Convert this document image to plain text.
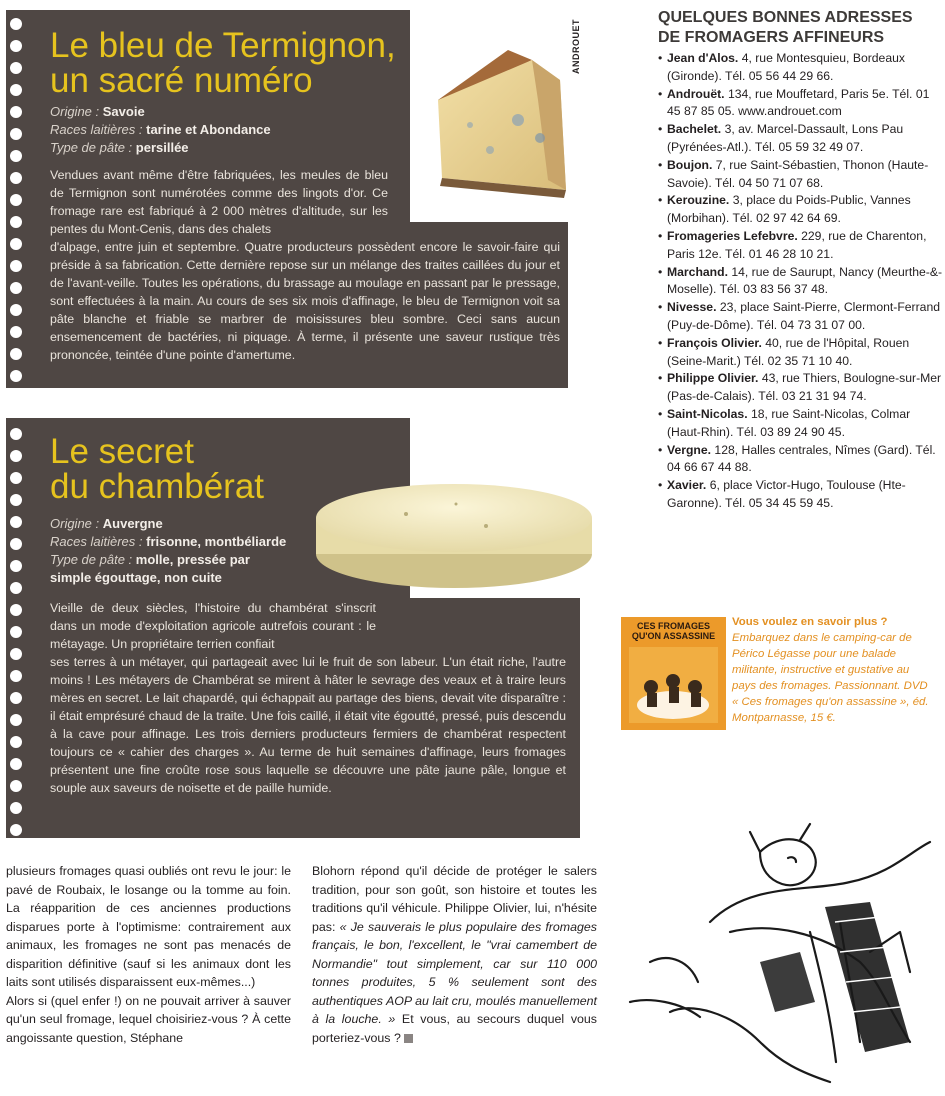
Le bleu de Termignon,
un sacré numéro
Origine : Savoie
Races laitières : tarine et Abondance
Type de pâte : persillée

Vendues avant même d'être fabriquées, les meules de bleu de Termignon sont numérotées comme des lingots d'or. Ce fromage rare est fabriqué à 2 000 mètres d'altitude, sur les pentes du Mont-Cenis, dans des chalets

d'alpage, entre juin et septembre. Quatre producteurs possèdent encore le savoir-faire qui préside à sa fabrication. Cette dernière repose sur un mélange des traites caillées du jour et de l'avant-veille. Toutes les opérations, du brassage au moulage en passant par le pressage, sont effectuées à la main. Au cours de ses six mois d'affinage, le bleu de Termignon voit sa pâte blanche et friable se marbrer de moisissures bleu sombre. Ceci sans aucun ensemencement de bactéries, ni piquage. À terme, il présente une saveur rustique très prononcée, teintée d'une pointe d'amertume.

ANDROUET
Le secret
du chambérat
Origine : Auvergne
Races laitières : frisonne, montbéliarde
Type de pâte : molle, pressée par
simple égouttage, non cuite

Vieille de deux siècles, l'histoire du chambérat s'inscrit dans un mode d'exploitation agricole autrefois courant : le métayage. Un propriétaire terrien confiait

ses terres à un métayer, qui partageait avec lui le fruit de son labeur. L'un était riche, l'autre moins ! Les métayers de Chambérat se mirent à hâter le sevrage des veaux et à traire leurs mères en secret. Le lait chapardé, qui échappait au partage des biens, devait vite disparaître : il était emprésuré chaud de la traite. Une fois caillé, il était vite égoutté, pressé, puis descendu à la cave pour affinage. Les trois derniers producteurs fermiers de chambérat respectent toujours ce « cahier des charges ». Au terme de huit semaines d'affinage, leurs fromages présentent une fine croûte rose sous laquelle se découvre une pâte jaune pâle, longue et souple aux saveurs de noisette et de paille humide.

QUELQUES BONNES ADRESSES
DE FROMAGERS AFFINEURS
• Jean d'Alos. 4, rue Montesquieu, Bordeaux (Gironde). Tél. 05 56 44 29 66.
• Androuët. 134, rue Mouffetard, Paris 5e. Tél. 01 45 87 85 05. www.androuet.com
• Bachelet. 3, av. Marcel-Dassault, Lons Pau (Pyrénées-Atl.). Tél. 05 59 32 49 07.
• Boujon. 7, rue Saint-Sébastien, Thonon (Haute-Savoie). Tél. 04 50 71 07 68.
• Kerouzine. 3, place du Poids-Public, Vannes (Morbihan). Tél. 02 97 42 64 69.
• Fromageries Lefebvre. 229, rue de Charenton, Paris 12e. Tél. 01 46 28 10 21.
• Marchand. 14, rue de Saurupt, Nancy (Meurthe-&-Moselle). Tél. 03 83 56 37 48.
• Nivesse. 23, place Saint-Pierre, Clermont-Ferrand (Puy-de-Dôme). Tél. 04 73 31 07 00.
• François Olivier. 40, rue de l'Hôpital, Rouen (Seine-Marit.) Tél. 02 35 71 10 40.
• Philippe Olivier. 43, rue Thiers, Boulogne-sur-Mer (Pas-de-Calais). Tél. 03 21 31 94 74.
• Saint-Nicolas. 18, rue Saint-Nicolas, Colmar (Haut-Rhin). Tél. 03 89 24 90 45.
• Vergne. 128, Halles centrales, Nîmes (Gard). Tél. 04 66 67 44 88.
• Xavier. 6, place Victor-Hugo, Toulouse (Hte-Garonne). Tél. 05 34 45 59 45.
CES FROMAGES
QU'ON ASSASSINE

Vous voulez en savoir plus ? Embarquez dans le camping-car de Périco Légasse pour une balade militante, instructive et gustative au pays des fromages. Passionnant. DVD « Ces fromages qu'on assassine », éd. Montparnasse, 15 €.

plusieurs fromages quasi oubliés ont revu le jour: le pavé de Roubaix, le losange ou la tomme au foin. La réapparition de ces anciennes productions disparues porte à l'optimisme: contrairement aux animaux, les fromages ne sont pas menacés de disparition définitive (sauf si les animaux dont les laits sont utilisés disparaissent eux-mêmes...)

Alors si (quel enfer !) on ne pouvait arriver à sauver qu'un seul fromage, lequel choisiriez-vous ? À cette angoissante question, Stéphane

Blohorn répond qu'il décide de protéger le salers tradition, pour son goût, son histoire et toutes les traditions qu'il véhicule. Philippe Olivier, lui, n'hésite pas: « Je sauverais le plus populaire des fromages français, le bon, l'excellent, le "vrai camembert de Normandie" tout simplement, car sur 110 000 tonnes produites, 5 % seulement sont des authentiques AOP au lait cru, moulés manuellement à la louche. » Et vous, au secours duquel vous porteriez-vous ?
